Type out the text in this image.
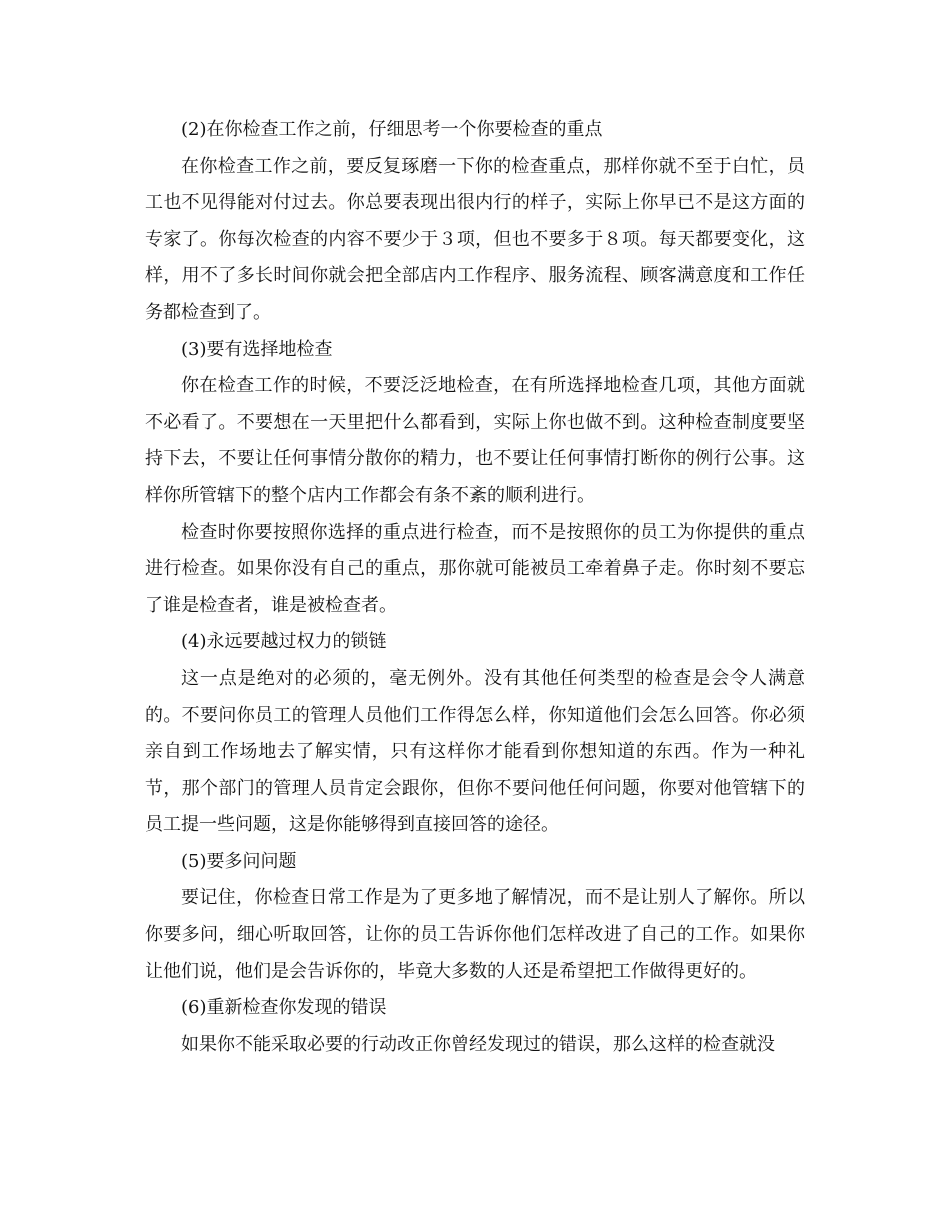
(2)在你检查工作之前，仔细思考一个你要检查的重点

在你检查工作之前，要反复琢磨一下你的检查重点，那样你就不至于白忙，员工也不见得能对付过去。你总要表现出很内行的样子，实际上你早已不是这方面的专家了。你每次检查的内容不要少于３项，但也不要多于８项。每天都要变化，这样，用不了多长时间你就会把全部店内工作程序、服务流程、顾客满意度和工作任务都检查到了。

(3)要有选择地检查

你在检查工作的时候，不要泛泛地检查，在有所选择地检查几项，其他方面就不必看了。不要想在一天里把什么都看到，实际上你也做不到。这种检查制度要坚持下去，不要让任何事情分散你的精力，也不要让任何事情打断你的例行公事。这样你所管辖下的整个店内工作都会有条不紊的顺利进行。

检查时你要按照你选择的重点进行检查，而不是按照你的员工为你提供的重点进行检查。如果你没有自己的重点，那你就可能被员工牵着鼻子走。你时刻不要忘了谁是检查者，谁是被检查者。

(4)永远要越过权力的锁链

这一点是绝对的必须的，毫无例外。没有其他任何类型的检查是会令人满意的。不要问你员工的管理人员他们工作得怎么样，你知道他们会怎么回答。你必须亲自到工作场地去了解实情，只有这样你才能看到你想知道的东西。作为一种礼节，那个部门的管理人员肯定会跟你，但你不要问他任何问题，你要对他管辖下的员工提一些问题，这是你能够得到直接回答的途径。

(5)要多问问题

要记住，你检查日常工作是为了更多地了解情况，而不是让别人了解你。所以你要多问，细心听取回答，让你的员工告诉你他们怎样改进了自己的工作。如果你让他们说，他们是会告诉你的，毕竟大多数的人还是希望把工作做得更好的。

(6)重新检查你发现的错误

如果你不能采取必要的行动改正你曾经发现过的错误，那么这样的检查就没
